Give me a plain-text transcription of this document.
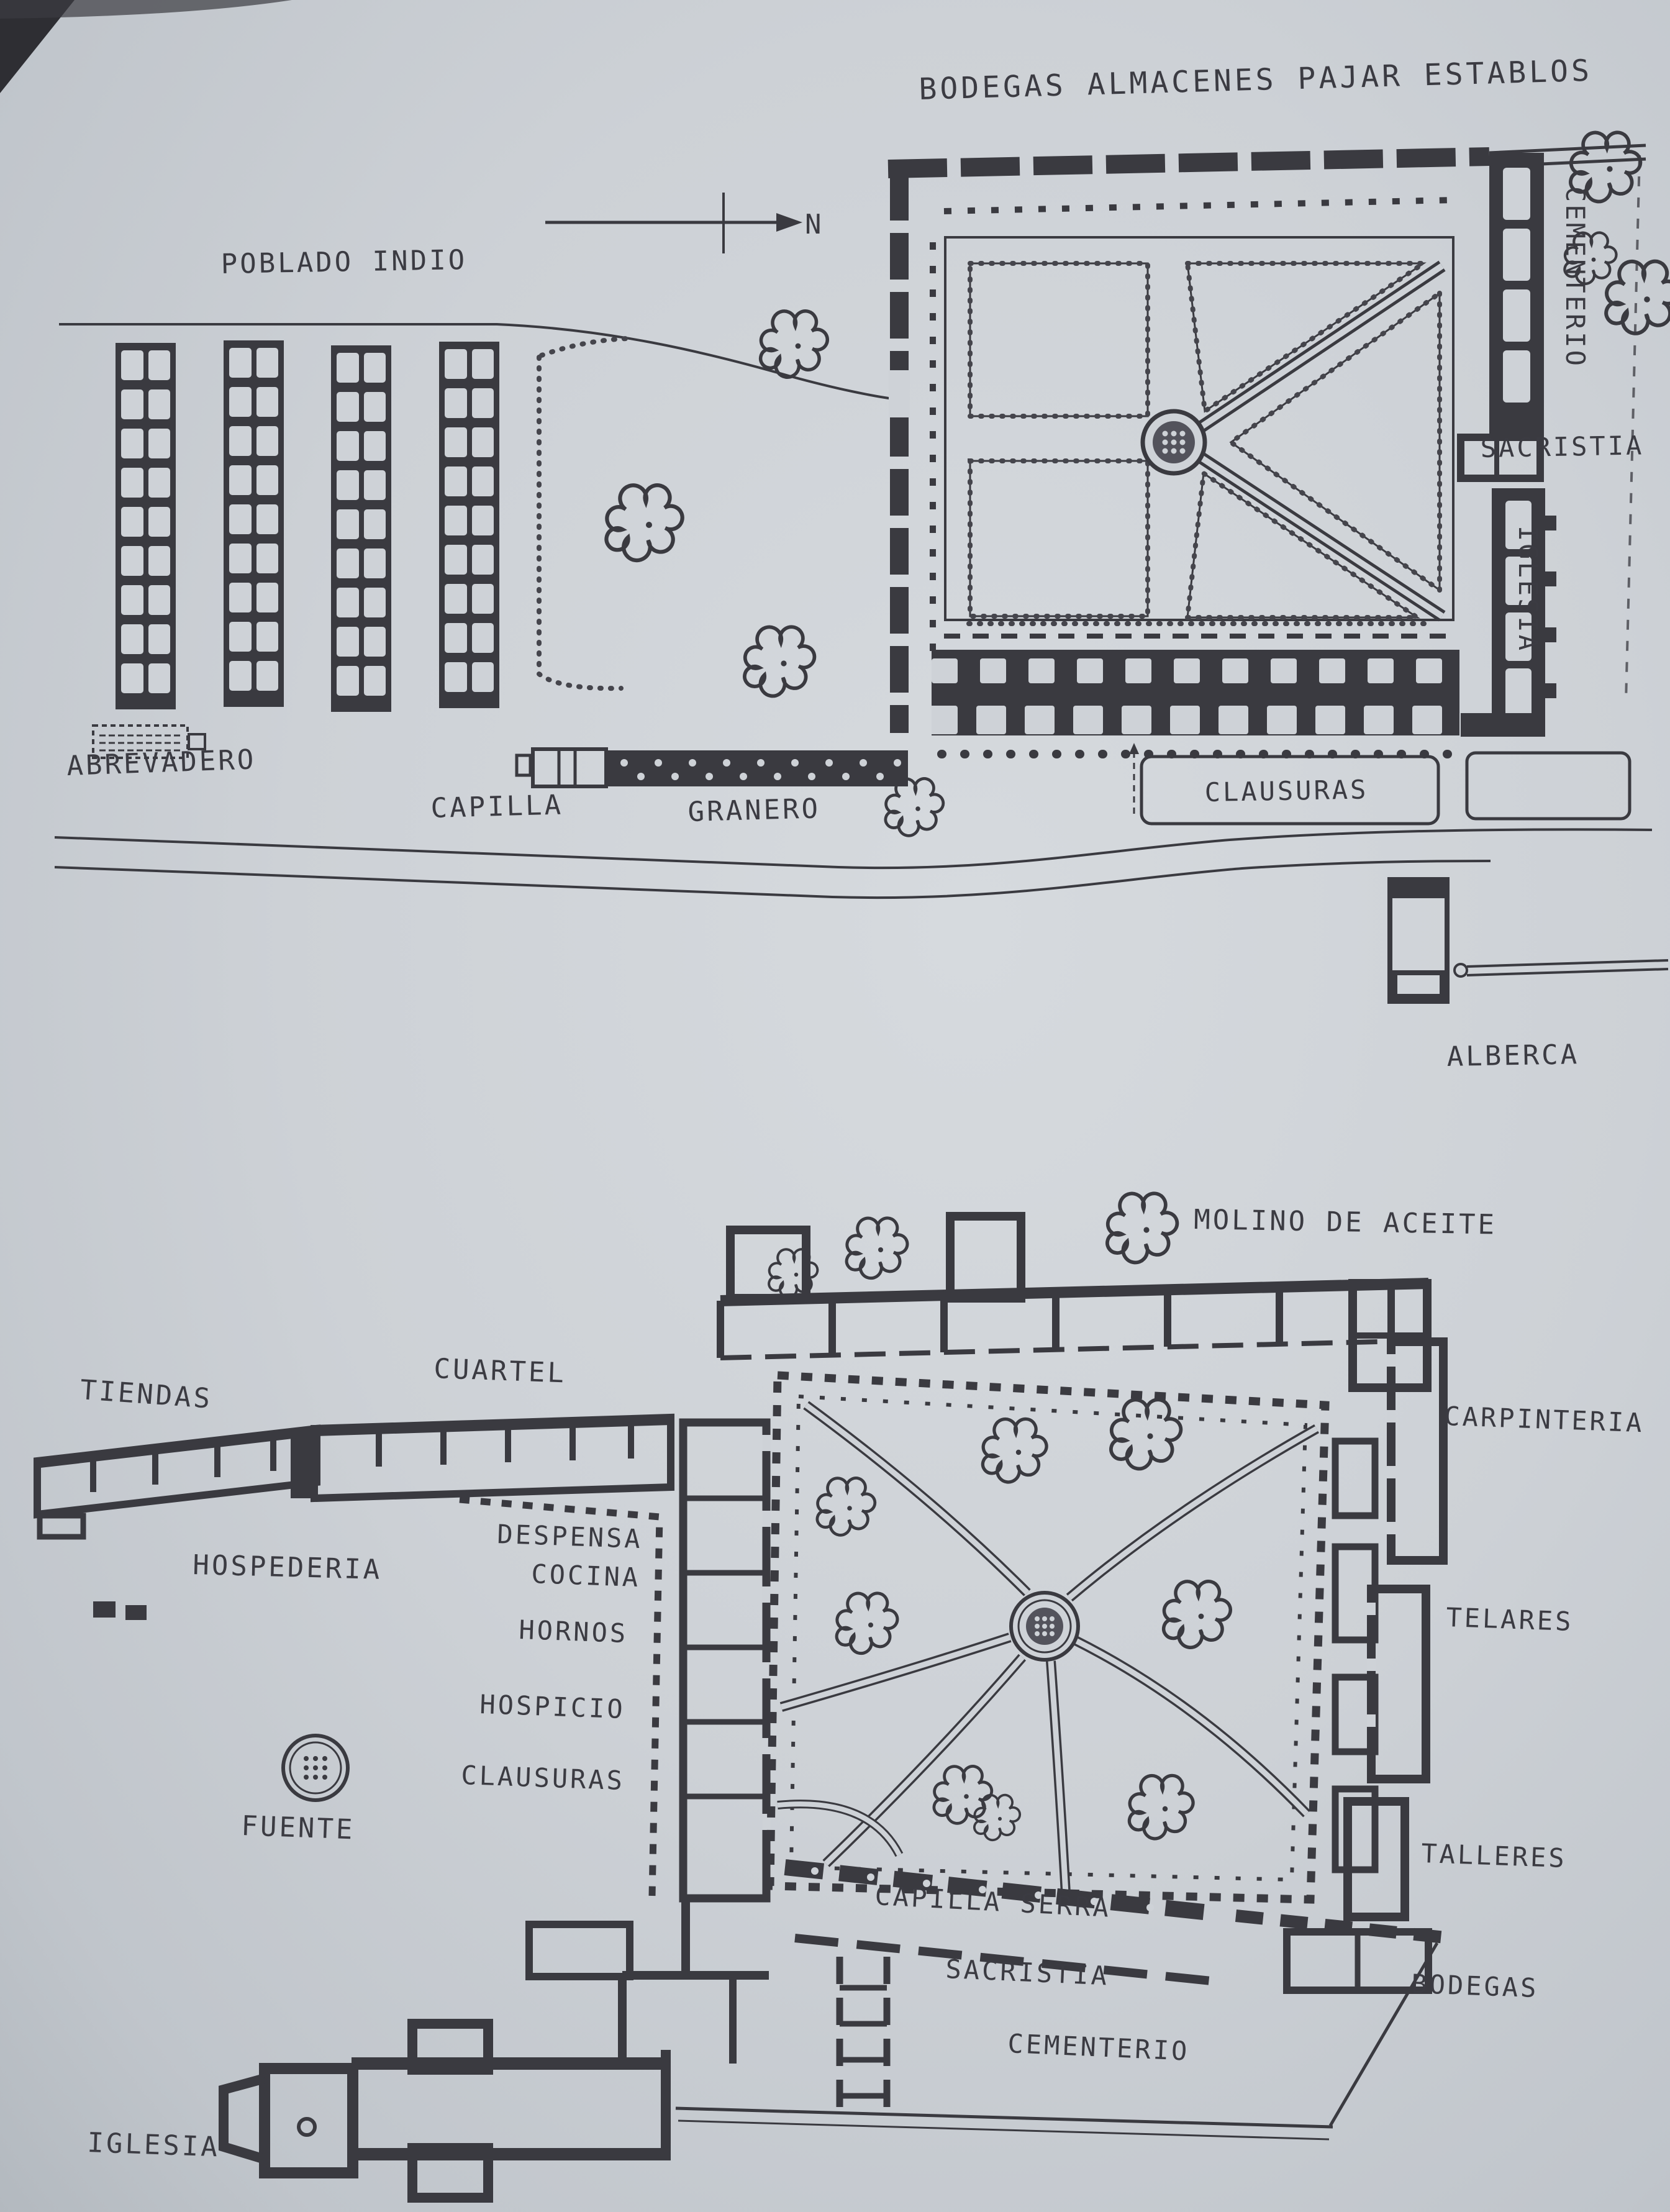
BODEGAS ALMACENES PAJAR ESTABLOS
N
POBLADO INDIO
ABREVADERO
CAPILLA	GRANERO
CLAUSURAS
CEMENTERIO
SACRISTIA
IGLESIA
ALBERCA
MOLINO DE ACEITE
TIENDAS
CUARTEL
HOSPEDERIA
DESPENSA
COCINA
HORNOS
HOSPICIO
CLAUSURAS
FUENTE
CARPINTERIA
TELARES
TALLERES
BODEGAS
CAPILLA SERRA
SACRISTIA
CEMENTERIO
IGLESIA
